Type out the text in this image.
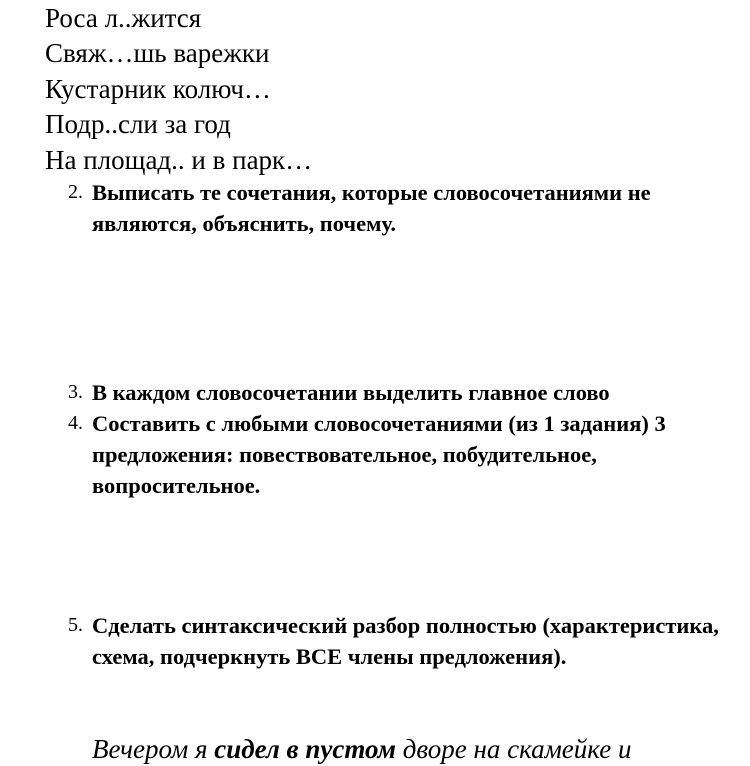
Роса л..жится
Свяж…шь варежки
Кустарник колюч…
Подр..сли за год
На площад.. и в парк…
2. Выписать те сочетания, которые словосочетаниями не являются, объяснить, почему.
3. В каждом словосочетании выделить главное слово
4. Составить с любыми словосочетаниями (из 1 задания) 3 предложения: повествовательное, побудительное, вопросительное.
5. Сделать синтаксический разбор полностью (характеристика, схема, подчеркнуть ВСЕ члены предложения).
Вечером я сидел в пустом дворе на скамейке и
